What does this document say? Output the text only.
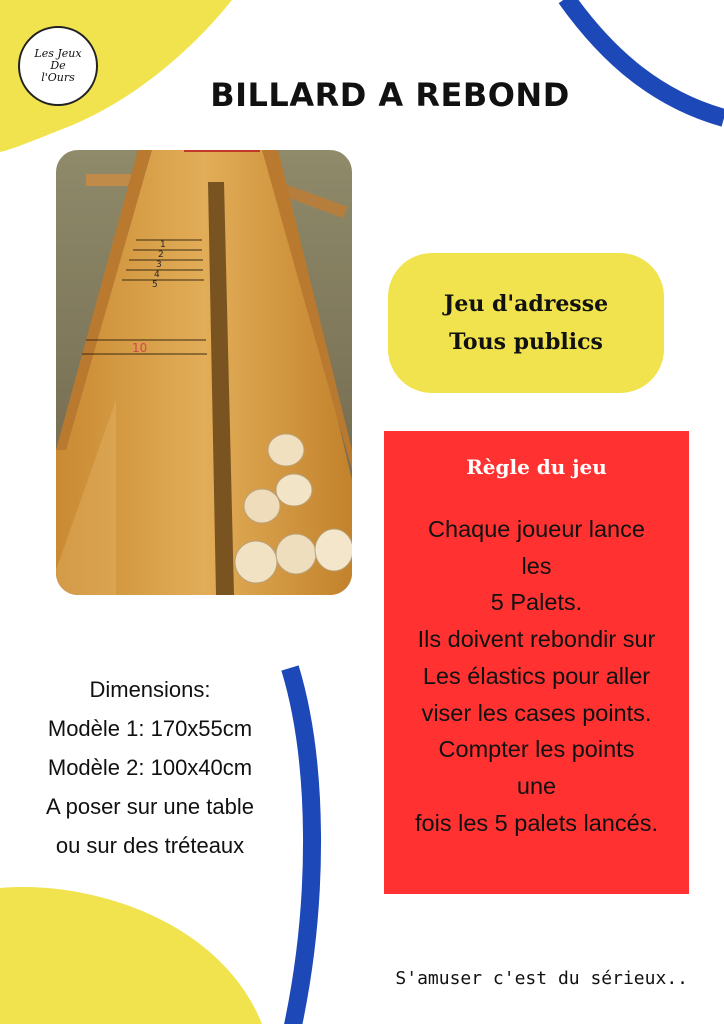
Les Jeux
De
l'Ours	BILLARD A REBOND
1
2
3
4
5
10
Jeu d'adresse
Tous publics
Règle du jeu
Chaque joueur lance
les
5 Palets.
Ils doivent rebondir sur
Les élastics pour aller
viser les cases points.
Compter les points
une
fois les 5 palets lancés.
Dimensions:
Modèle 1: 170x55cm
Modèle 2: 100x40cm
A poser sur une table
ou sur des tréteaux
S'amuser c'est du sérieux..
